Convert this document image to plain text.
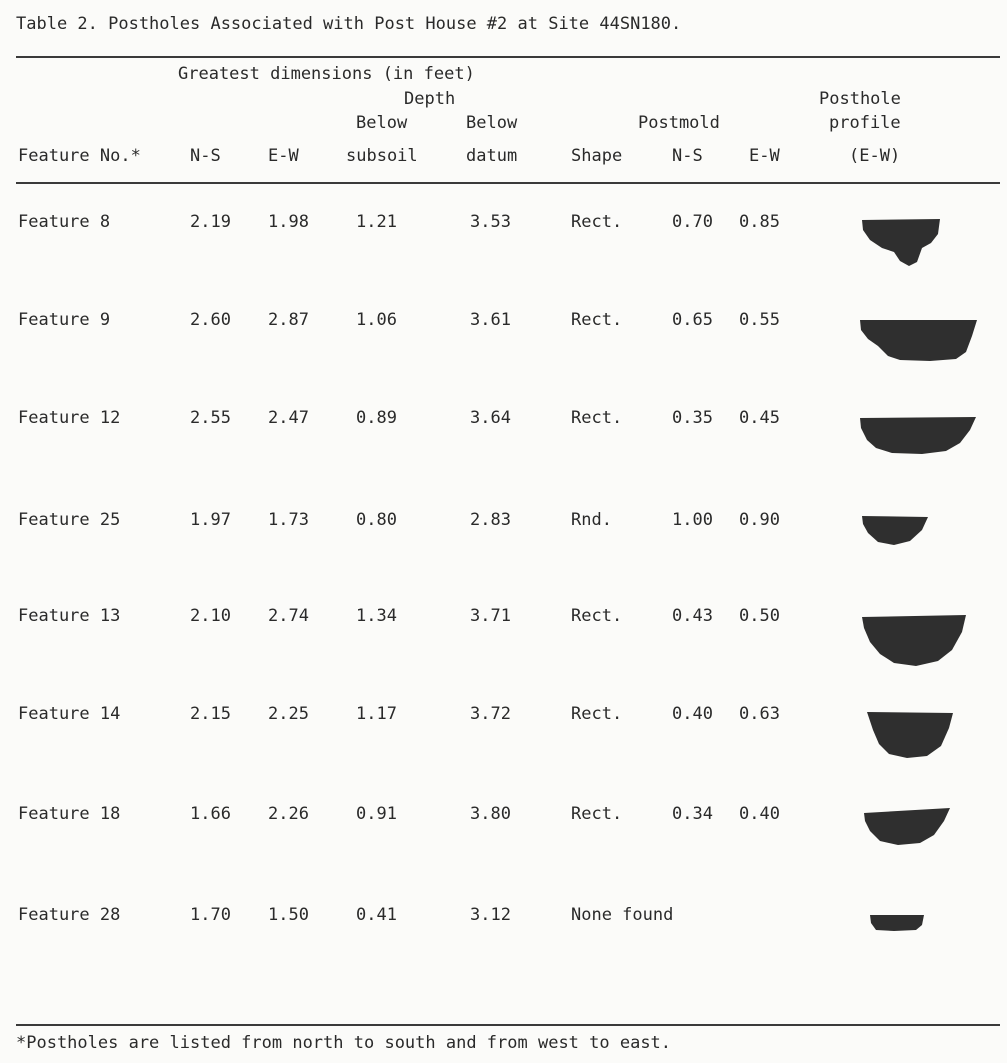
Table 2. Postholes Associated with Post House #2 at Site 44SN180.
Greatest dimensions (in feet)
Depth	Posthole
Below	Below	Postmold	profile
Feature No.*	N-S	E-W	subsoil	datum	Shape	N-S	E-W	(E-W)
Feature 8	2.19 1.98	1.21	3.53	Rect.	0.70 0.85
Feature 9	2.60 2.87	1.06	3.61	Rect.	0.65 0.55
Feature 12	2.55 2.47	0.89	3.64	Rect.	0.35 0.45
Feature 25	1.97 1.73	0.80	2.83	Rnd.	1.00 0.90
Feature 13	2.10 2.74	1.34	3.71	Rect.	0.43 0.50
Feature 14	2.15 2.25	1.17	3.72	Rect.	0.40 0.63
Feature 18	1.66 2.26	0.91	3.80	Rect.	0.34 0.40
Feature 28	1.70 1.50	0.41	3.12	None found
*Postholes are listed from north to south and from west to east.
